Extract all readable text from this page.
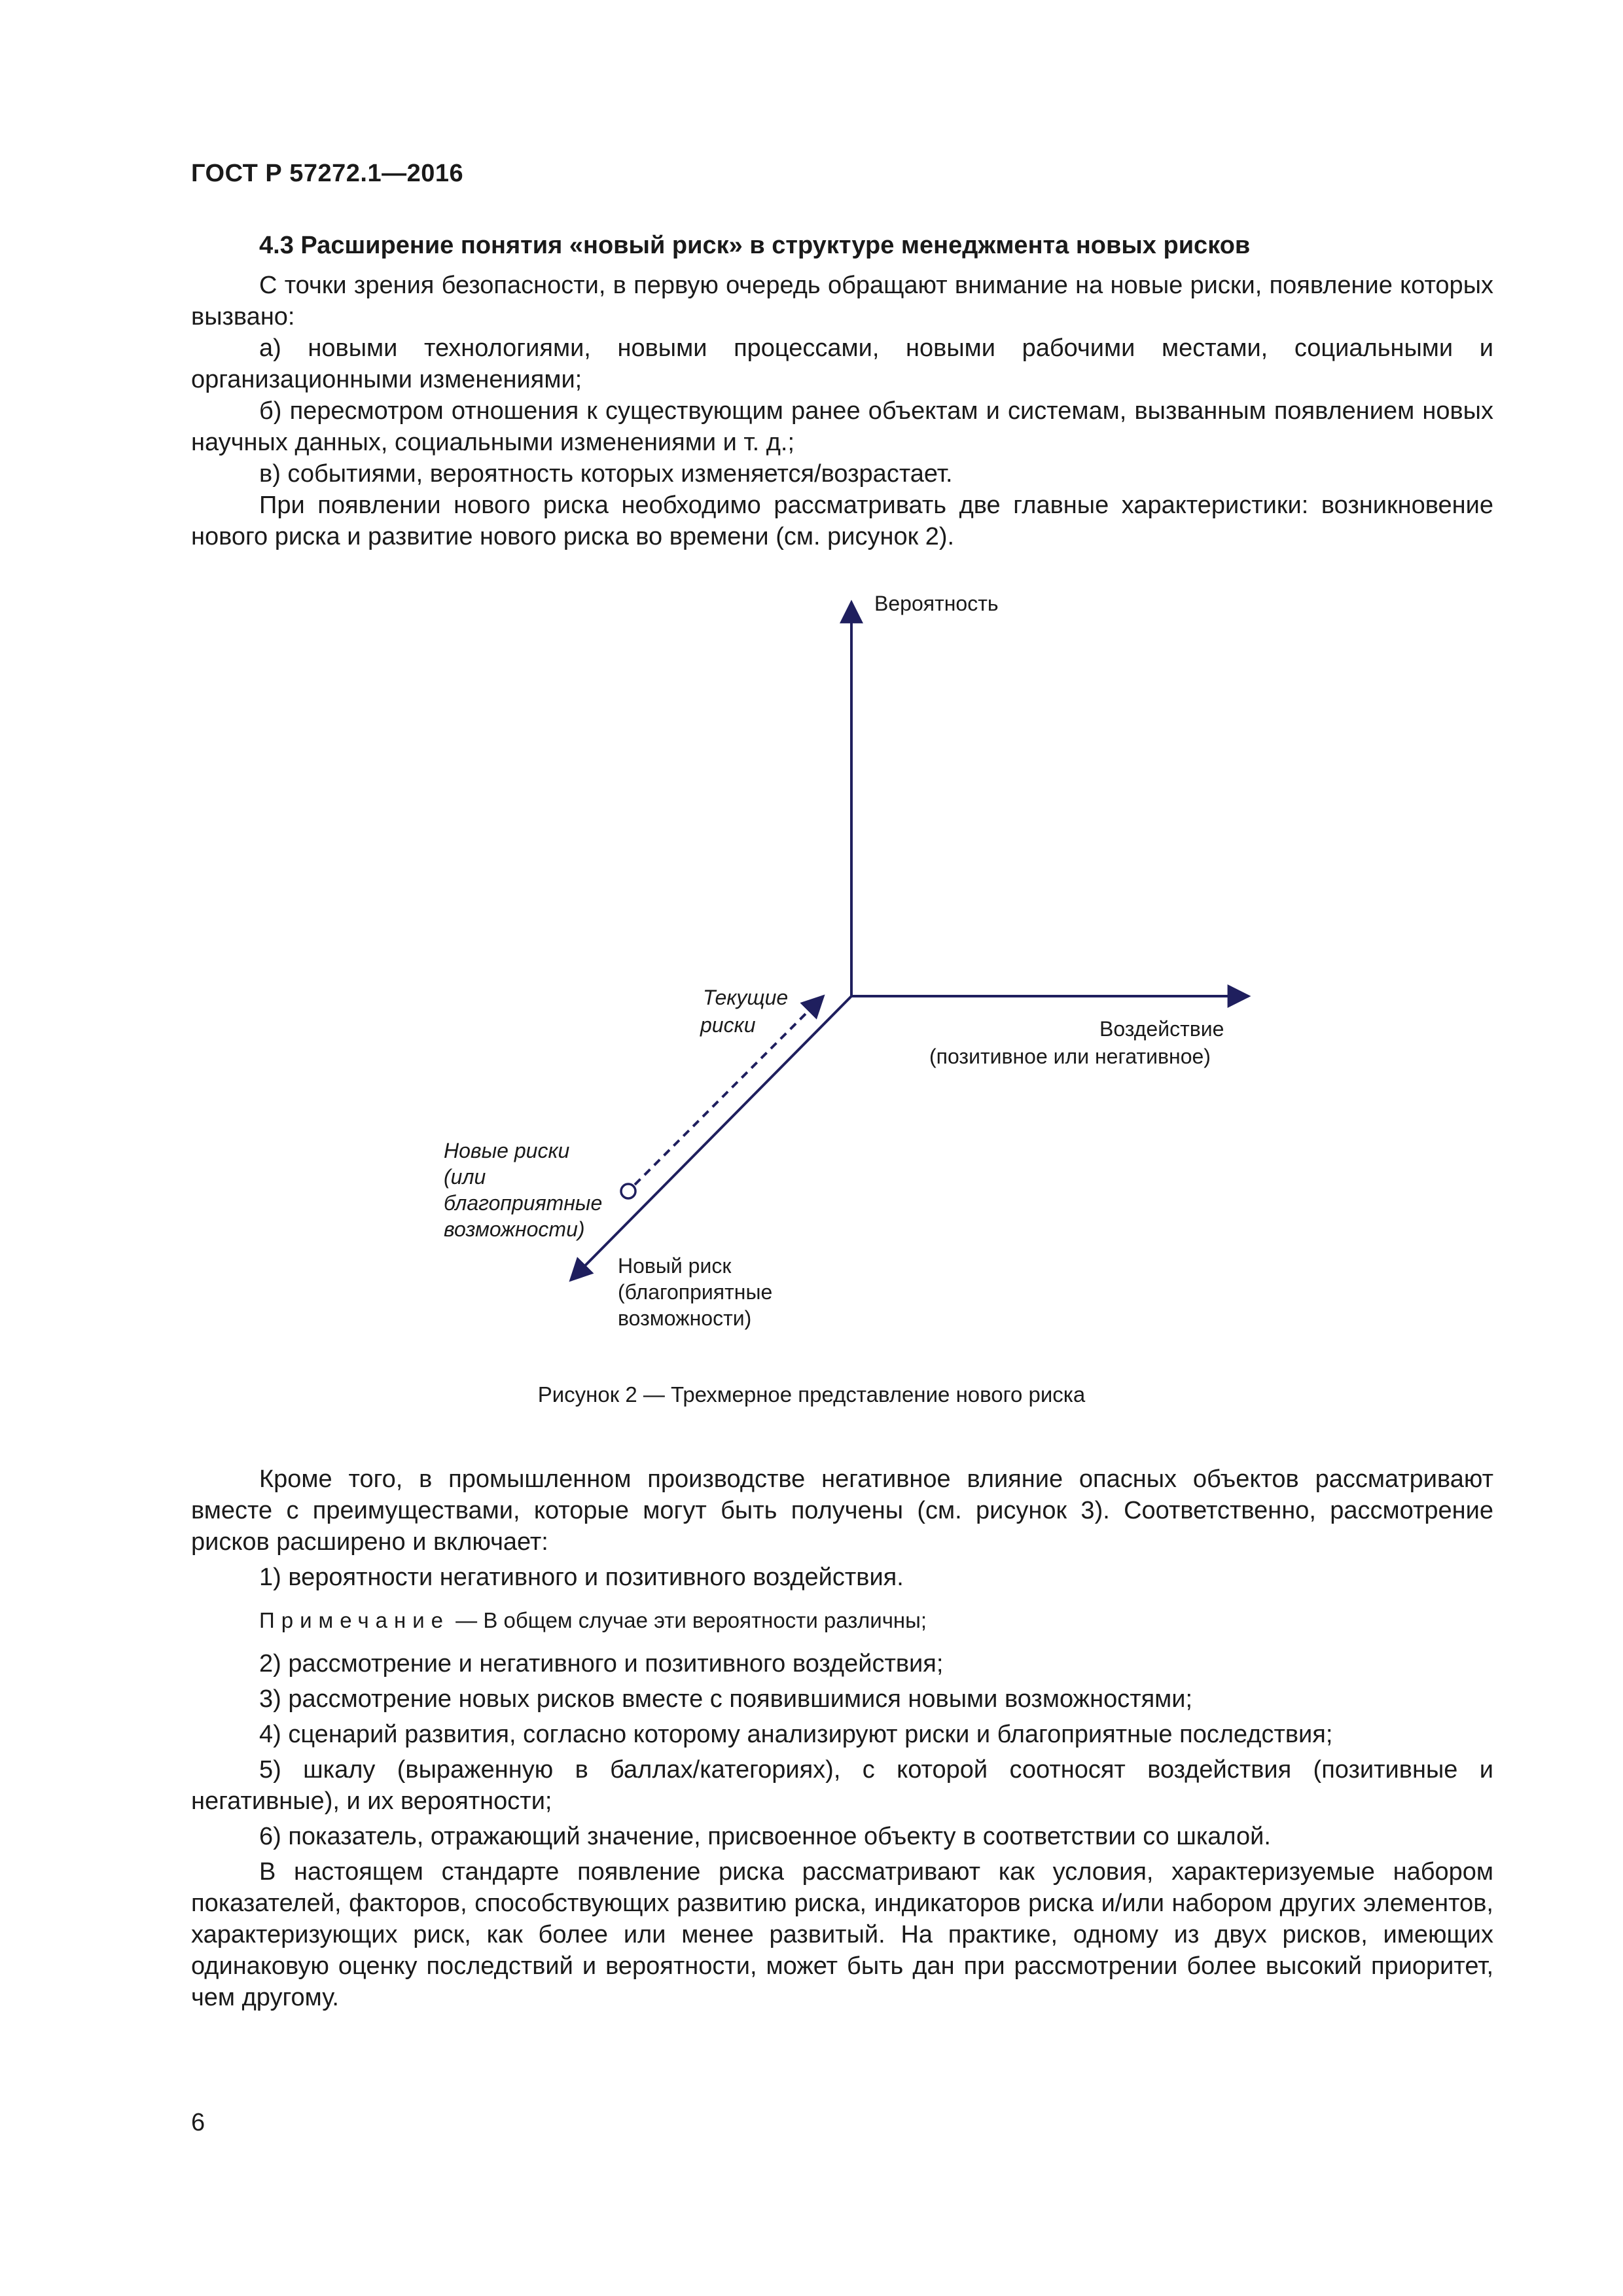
ГОСТ Р 57272.1—2016
4.3 Расширение понятия «новый риск» в структуре менеджмента новых рисков

С точки зрения безопасности, в первую очередь обращают внимание на новые риски, появление которых вызвано:

а) новыми технологиями, новыми процессами, новыми рабочими местами, социальными и организационными изменениями;

б) пересмотром отношения к существующим ранее объектам и системам, вызванным появлением новых научных данных, социальными изменениями и т. д.;

в) событиями, вероятность которых изменяется/возрастает.

При появлении нового риска необходимо рассматривать две главные характеристики: возникновение нового риска и развитие нового риска во времени (см. рисунок 2).

Вероятность
Воздействие
(позитивное или негативное)
Текущие
риски
Новые риски
(или
благоприятные
возможности)
Новый риск
(благоприятные
возможности)
Рисунок 2 — Трехмерное представление нового риска

Кроме того, в промышленном производстве негативное влияние опасных объектов рассматривают вместе с преимуществами, которые могут быть получены (см. рисунок 3). Соответственно, рассмотрение рисков расширено и включает:

1) вероятности негативного и позитивного воздействия.

Примечание — В общем случае эти вероятности различны;

2) рассмотрение и негативного и позитивного воздействия;

3) рассмотрение новых рисков вместе с появившимися новыми возможностями;

4) сценарий развития, согласно которому анализируют риски и благоприятные последствия;

5) шкалу (выраженную в баллах/категориях), с которой соотносят воздействия (позитивные и негативные), и их вероятности;

6) показатель, отражающий значение, присвоенное объекту в соответствии со шкалой.

В настоящем стандарте появление риска рассматривают как условия, характеризуемые набором показателей, факторов, способствующих развитию риска, индикаторов риска и/или набором других элементов, характеризующих риск, как более или менее развитый. На практике, одному из двух рисков, имеющих одинаковую оценку последствий и вероятности, может быть дан при рассмотрении более высокий приоритет, чем другому.

6
